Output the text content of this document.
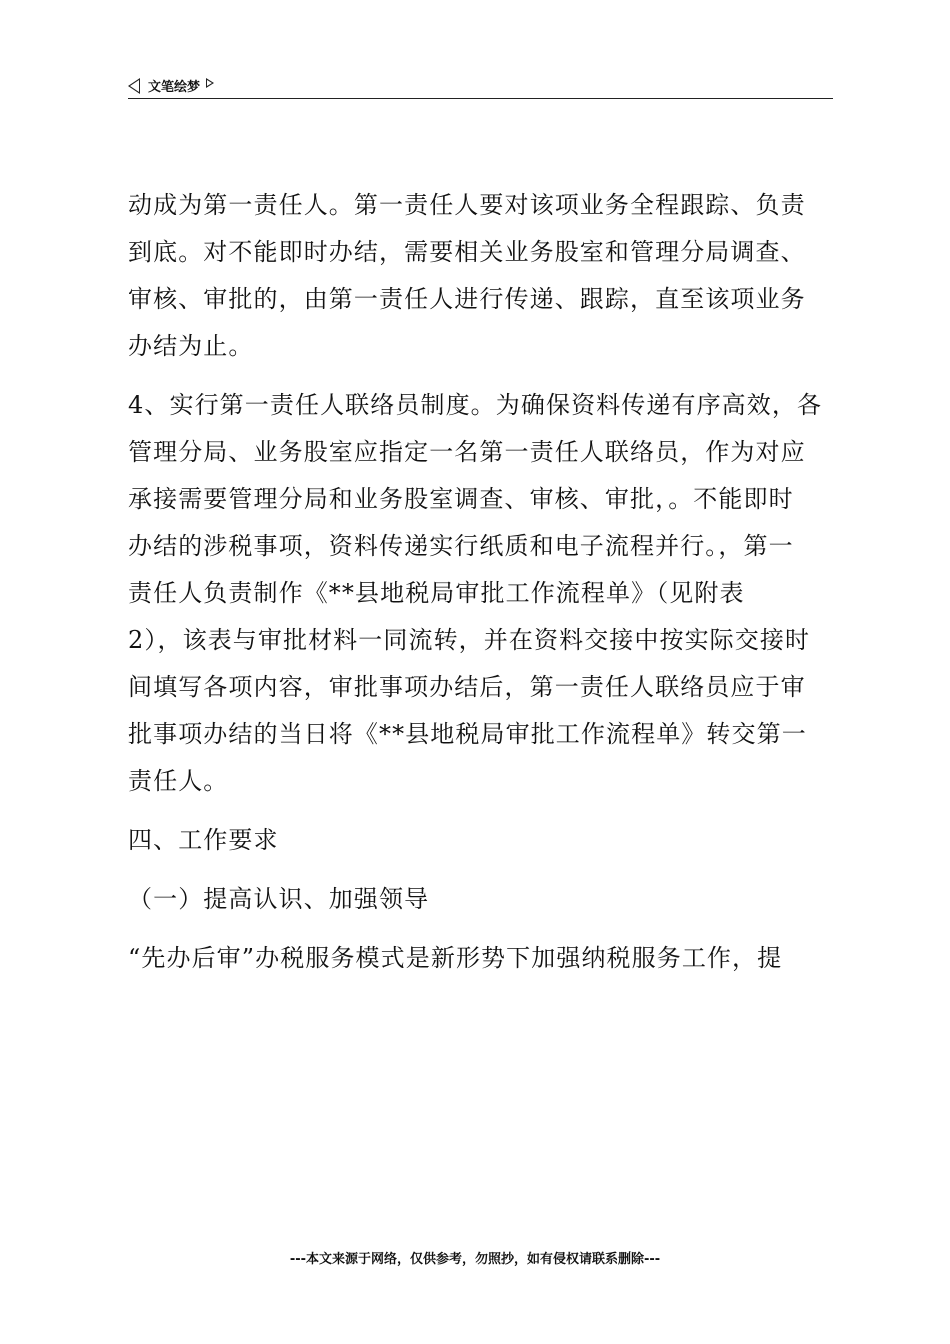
文笔绘梦
动成为第一责任人。第一责任人要对该项业务全程跟踪、负责
到底。对不能即时办结，需要相关业务股室和管理分局调查、
审核、审批的，由第一责任人进行传递、跟踪，直至该项业务
办结为止。
4、实行第一责任人联络员制度。为确保资料传递有序高效，各
管理分局、业务股室应指定一名第一责任人联络员，作为对应
承接需要管理分局和业务股室调查、审核、审批，。不能即时
办结的涉税事项，资料传递实行纸质和电子流程并行。，第一
责任人负责制作《**县地税局审批工作流程单》（见附表
2），该表与审批材料一同流转，并在资料交接中按实际交接时
间填写各项内容，审批事项办结后，第一责任人联络员应于审
批事项办结的当日将《**县地税局审批工作流程单》转交第一
责任人。
四、工作要求
（一）提高认识、加强领导
“先办后审”办税服务模式是新形势下加强纳税服务工作，提
---本文来源于网络，仅供参考，勿照抄，如有侵权请联系删除---
